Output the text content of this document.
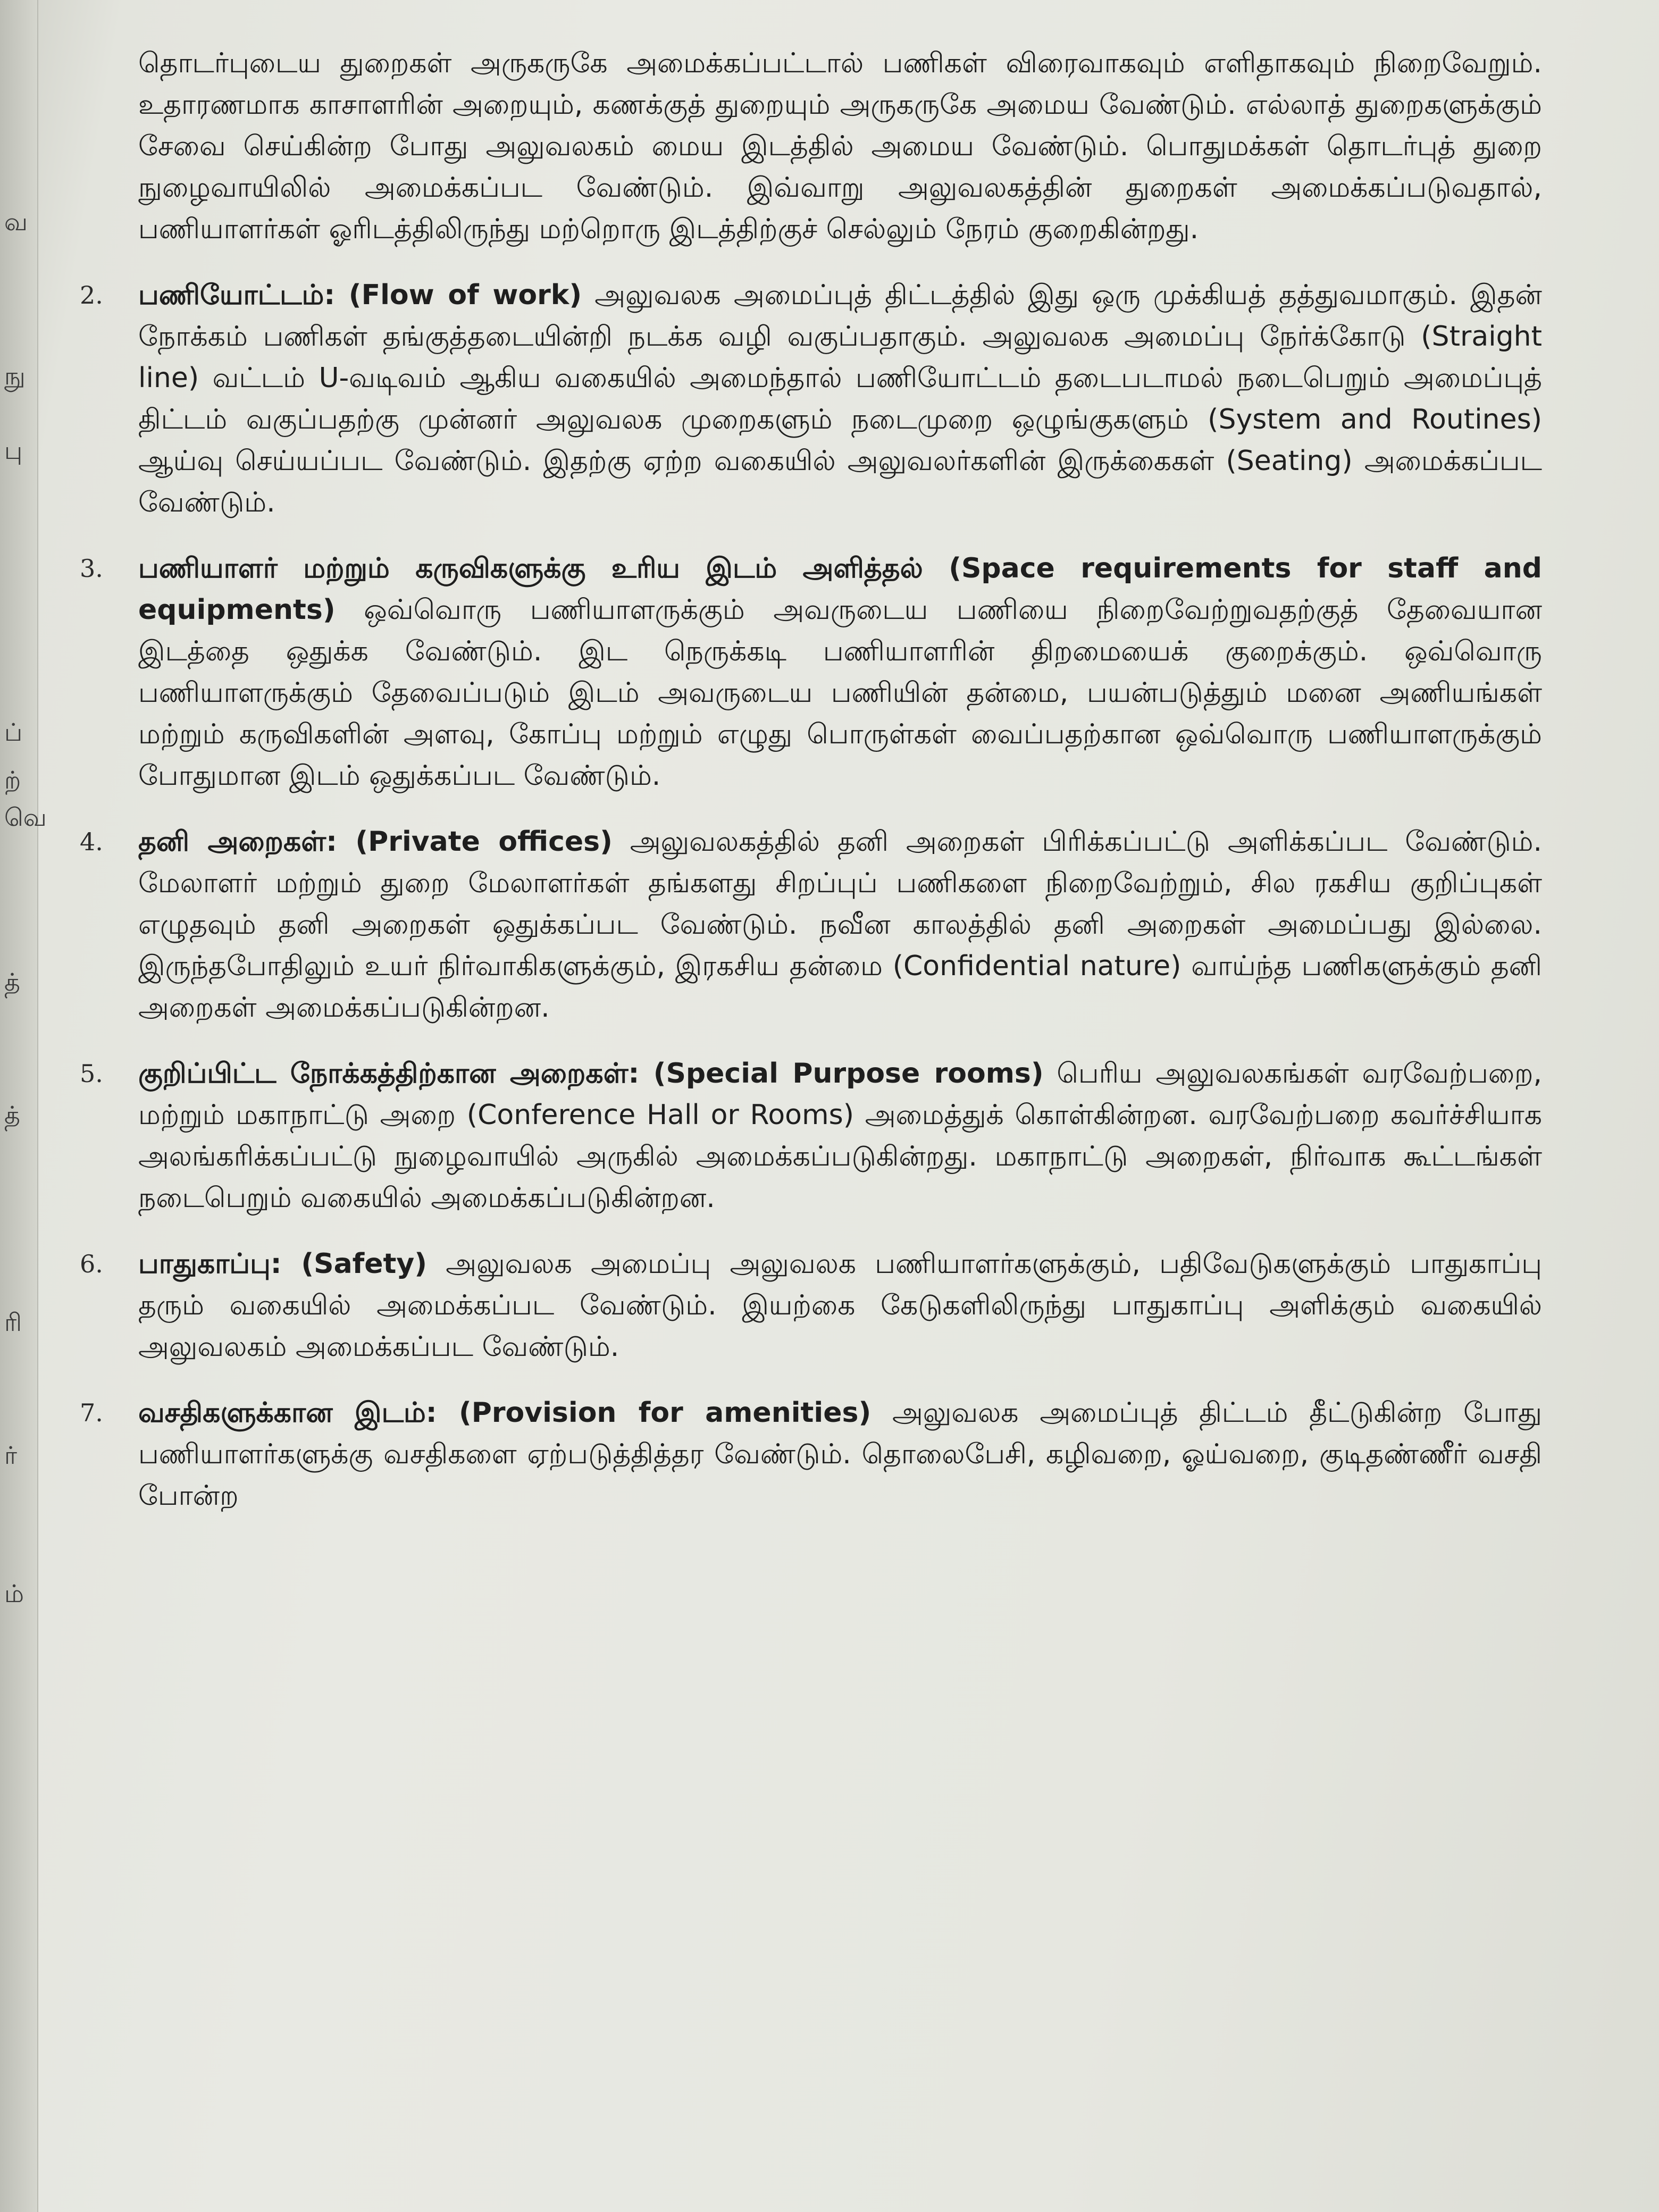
வ
நு
பு
ப்
ற்
வெ
த்
த்
ரி
ர்
ம்

தொடர்புடைய துறைகள் அருகருகே அமைக்கப்பட்டால் பணிகள் விரைவாகவும் எளிதாகவும் நிறைவேறும். உதாரணமாக காசாளரின் அறையும், கணக்குத் துறையும் அருகருகே அமைய வேண்டும். எல்லாத் துறைகளுக்கும் சேவை செய்கின்ற போது அலுவலகம் மைய இடத்தில் அமைய வேண்டும். பொதுமக்கள் தொடர்புத் துறை நுழைவாயிலில் அமைக்கப்பட வேண்டும். இவ்வாறு அலுவலகத்தின் துறைகள் அமைக்கப்படுவதால், பணியாளர்கள் ஓரிடத்திலிருந்து மற்றொரு இடத்திற்குச் செல்லும் நேரம் குறைகின்றது.

2. பணியோட்டம்: (Flow of work) அலுவலக அமைப்புத் திட்டத்தில் இது ஒரு முக்கியத் தத்துவமாகும். இதன் நோக்கம் பணிகள் தங்குத்தடையின்றி நடக்க வழி வகுப்பதாகும். அலுவலக அமைப்பு நேர்க்கோடு (Straight line) வட்டம் U-வடிவம் ஆகிய வகையில் அமைந்தால் பணியோட்டம் தடைபடாமல் நடைபெறும் அமைப்புத் திட்டம் வகுப்பதற்கு முன்னர் அலுவலக முறைகளும் நடைமுறை ஒழுங்குகளும் (System and Routines) ஆய்வு செய்யப்பட வேண்டும். இதற்கு ஏற்ற வகையில் அலுவலர்களின் இருக்கைகள் (Seating) அமைக்கப்பட வேண்டும்.

3. பணியாளர் மற்றும் கருவிகளுக்கு உரிய இடம் அளித்தல் (Space requirements for staff and equipments) ஒவ்வொரு பணியாளருக்கும் அவருடைய பணியை நிறைவேற்றுவதற்குத் தேவையான இடத்தை ஒதுக்க வேண்டும். இட நெருக்கடி பணியாளரின் திறமையைக் குறைக்கும். ஒவ்வொரு பணியாளருக்கும் தேவைப்படும் இடம் அவருடைய பணியின் தன்மை, பயன்படுத்தும் மனை அணியங்கள் மற்றும் கருவிகளின் அளவு, கோப்பு மற்றும் எழுது பொருள்கள் வைப்பதற்கான ஒவ்வொரு பணியாளருக்கும் போதுமான இடம் ஒதுக்கப்பட வேண்டும்.

4. தனி அறைகள்: (Private offices) அலுவலகத்தில் தனி அறைகள் பிரிக்கப்பட்டு அளிக்கப்பட வேண்டும். மேலாளர் மற்றும் துறை மேலாளர்கள் தங்களது சிறப்புப் பணிகளை நிறைவேற்றும், சில ரகசிய குறிப்புகள் எழுதவும் தனி அறைகள் ஒதுக்கப்பட வேண்டும். நவீன காலத்தில் தனி அறைகள் அமைப்பது இல்லை. இருந்தபோதிலும் உயர் நிர்வாகிகளுக்கும், இரகசிய தன்மை (Confidential nature) வாய்ந்த பணிகளுக்கும் தனி அறைகள் அமைக்கப்படுகின்றன.

5. குறிப்பிட்ட நோக்கத்திற்கான அறைகள்: (Special Purpose rooms) பெரிய அலுவலகங்கள் வரவேற்பறை, மற்றும் மகாநாட்டு அறை (Conference Hall or Rooms) அமைத்துக் கொள்கின்றன. வரவேற்பறை கவர்ச்சியாக அலங்கரிக்கப்பட்டு நுழைவாயில் அருகில் அமைக்கப்படுகின்றது. மகாநாட்டு அறைகள், நிர்வாக கூட்டங்கள் நடைபெறும் வகையில் அமைக்கப்படுகின்றன.

6. பாதுகாப்பு: (Safety) அலுவலக அமைப்பு அலுவலக பணியாளர்களுக்கும், பதிவேடுகளுக்கும் பாதுகாப்பு தரும் வகையில் அமைக்கப்பட வேண்டும். இயற்கை கேடுகளிலிருந்து பாதுகாப்பு அளிக்கும் வகையில் அலுவலகம் அமைக்கப்பட வேண்டும்.

7. வசதிகளுக்கான இடம்: (Provision for amenities) அலுவலக அமைப்புத் திட்டம் தீட்டுகின்ற போது பணியாளர்களுக்கு வசதிகளை ஏற்படுத்தித்தர வேண்டும். தொலைபேசி, கழிவறை, ஓய்வறை, குடிதண்ணீர் வசதி போன்ற
